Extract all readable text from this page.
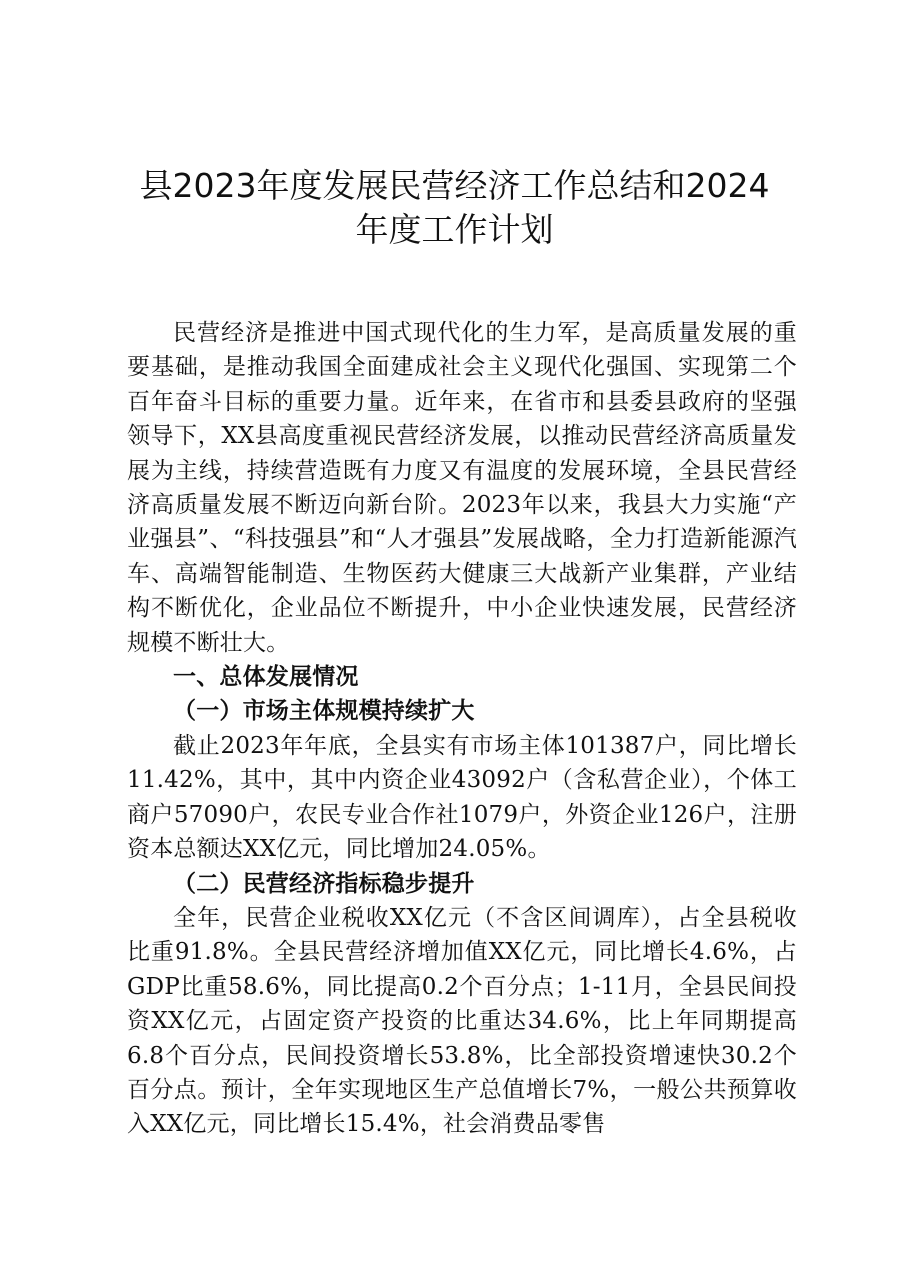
县2023年度发展民营经济工作总结和2024
年度工作计划

民营经济是推进中国式现代化的生力军，是高质量发展的重要基础，是推动我国全面建成社会主义现代化强国、实现第二个百年奋斗目标的重要力量。近年来，在省市和县委县政府的坚强领导下，XX县高度重视民营经济发展，以推动民营经济高质量发展为主线，持续营造既有力度又有温度的发展环境，全县民营经济高质量发展不断迈向新台阶。2023年以来，我县大力实施“产业强县”、“科技强县”和“人才强县”发展战略，全力打造新能源汽车、高端智能制造、生物医药大健康三大战新产业集群，产业结构不断优化，企业品位不断提升，中小企业快速发展，民营经济规模不断壮大。

一、总体发展情况

（一）市场主体规模持续扩大

截止2023年年底，全县实有市场主体101387户，同比增长 11.42%，其中，其中内资企业43092户（含私营企业），个体工商户57090户，农民专业合作社1079户，外资企业126户，注册资本总额达XX亿元，同比增加24.05%。

（二）民营经济指标稳步提升

全年，民营企业税收XX亿元（不含区间调库），占全县税收比重91.8%。全县民营经济增加值XX亿元，同比增长4.6%，占GDP比重58.6%，同比提高0.2个百分点；1-11月，全县民间投资XX亿元，占固定资产投资的比重达34.6%，比上年同期提高6.8个百分点，民间投资增长53.8%，比全部投资增速快30.2个百分点。预计，全年实现地区生产总值增长7%，一般公共预算收入XX亿元，同比增长15.4%，社会消费品零售
